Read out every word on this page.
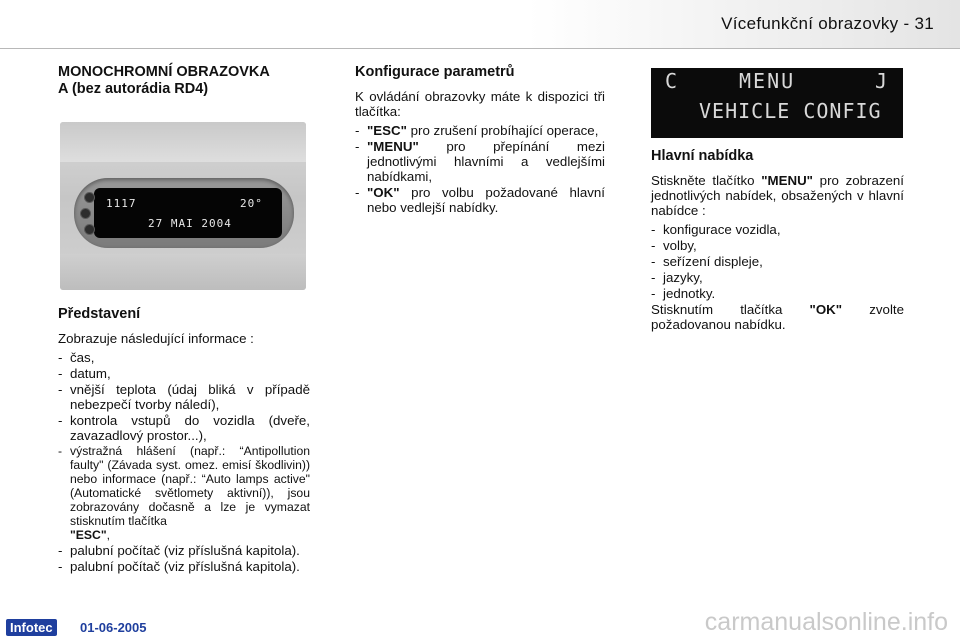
Vícefunkční obrazovky - 31
MONOCHROMNÍ OBRAZOVKA
A (bez autorádia RD4)
1117	20°
27 MAI 2004
Představení

Zobrazuje následující informace :

- čas,
- datum,
- vnější teplota (údaj bliká v případě nebezpečí tvorby náledí),
- kontrola vstupů do vozidla (dveře, zavazadlový prostor...),
- výstražná hlášení (např.: “Antipollution faulty" (Závada syst. omez. emisí škodlivin)) nebo informace (např.: “Auto lamps active" (Automatické světlomety aktivní)), jsou zobrazovány dočasně a lze je vymazat stisknutím tlačítka
"ESC",
- palubní počítač (viz příslušná kapitola).
- palubní počítač (viz příslušná kapitola).
Konfigurace parametrů

K ovládání obrazovky máte k dispozici tři tlačítka:

- "ESC" pro zrušení probíhající operace,
- "MENU" pro přepínání mezi jednotlivými hlavními a vedlejšími nabídkami,
- "OK" pro volbu požadované hlavní nebo vedlejší nabídky.
C	MENU	J
VEHICLE CONFIG
Hlavní nabídka

Stiskněte tlačítko "MENU" pro zobrazení jednotlivých nabídek, obsažených v hlavní nabídce :

- konfigurace vozidla,
- volby,
- seřízení displeje,
- jazyky,
- jednotky.

Stisknutím tlačítka "OK" zvolte požadovanou nabídku.

Infotec	01-06-2005	carmanualsonline.info
